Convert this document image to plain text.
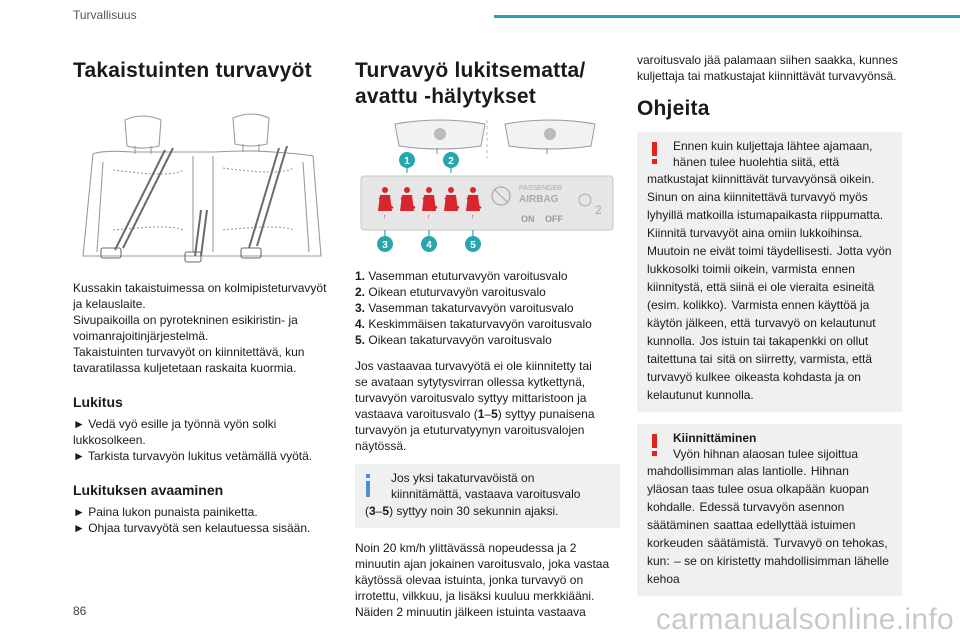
Turvallisuus
Takaistuinten turvavyöt
Kussakin takaistuimessa on kolmipisteturvavyöt
ja kelauslaite.
Sivupaikoilla on pyrotekninen esikiristin- ja
voimanrajoitinjärjestelmä.
Takaistuinten turvavyöt on kiinnitettävä, kun
tavaratilassa kuljetetaan raskaita kuormia.
Lukitus
► Vedä vyö esille ja työnnä vyön solki
lukkosolkeen.
► Tarkista turvavyön lukitus vetämällä vyötä.
Lukituksen avaaminen
► Paina lukon punaista painiketta.
► Ohjaa turvavyötä sen kelautuessa sisään.
Turvavyö lukitsematta/
avattu -hälytykset
↑	↑	↑
PASSENGER
AIRBAG
ON OFF
2
1	2
3	4	5
1. Vasemman etuturvavyön varoitusvalo
2. Oikean etuturvavyön varoitusvalo
3. Vasemman takaturvavyön varoitusvalo
4. Keskimmäisen takaturvavyön varoitusvalo
5. Oikean takaturvavyön varoitusvalo
Jos vastaavaa turvavyötä ei ole kiinnitetty tai
se avataan sytytysvirran ollessa kytkettynä,
turvavyön varoitusvalo syttyy mittaristoon ja
vastaava varoitusvalo (1–5) syttyy punaisena
turvavyön ja etuturvatyynyn varoitusvalojen
näytössä.
Jos yksi takaturvavöistä on
kiinnitämättä, vastaava varoitusvalo
(3–5) syttyy noin 30 sekunnin ajaksi.
Noin 20 km/h ylittävässä nopeudessa ja 2
minuutin ajan jokainen varoitusvalo, joka vastaa
käytössä olevaa istuinta, jonka turvavyö on
irrotettu, vilkkuu, ja lisäksi kuuluu merkkiääni.
Näiden 2 minuutin jälkeen istuinta vastaava
varoitusvalo jää palamaan siihen saakka, kunnes
kuljettaja tai matkustajat kiinnittävät turvavyönsä.
Ohjeita
Ennen kuin kuljettaja lähtee ajamaan,
hänen tulee huolehtia siitä, että
matkustajat kiinnittävät turvavyönsä oikein. Sinun on aina kiinnitettävä turvavyö myös lyhyillä matkoilla istumapaikasta riippumatta. Kiinnitä turvavyöt aina omiin lukkoihinsa. Muutoin ne eivät toimi täydellisesti. Jotta vyön lukkosolki toimii oikein, varmista ennen kiinnitystä, että siinä ei ole vieraita esineitä (esim. kolikko). Varmista ennen käyttöä ja käytön jälkeen, että turvavyö on kelautunut kunnolla. Jos istuin tai takapenkki on ollut taitettuna tai sitä on siirretty, varmista, että turvavyö kulkee oikeasta kohdasta ja on kelautunut kunnolla.
Kiinnittäminen
Vyön hihnan alaosan tulee sijoittua
mahdollisimman alas lantiolle. Hihnan yläosan taas tulee osua olkapään kuopan kohdalle. Edessä turvavyön asennon säätäminen saattaa edellyttää istuimen korkeuden säätämistä. Turvavyö on tehokas, kun: – se on kiristetty mahdollisimman lähelle kehoa
86	carmanualsonline.info
